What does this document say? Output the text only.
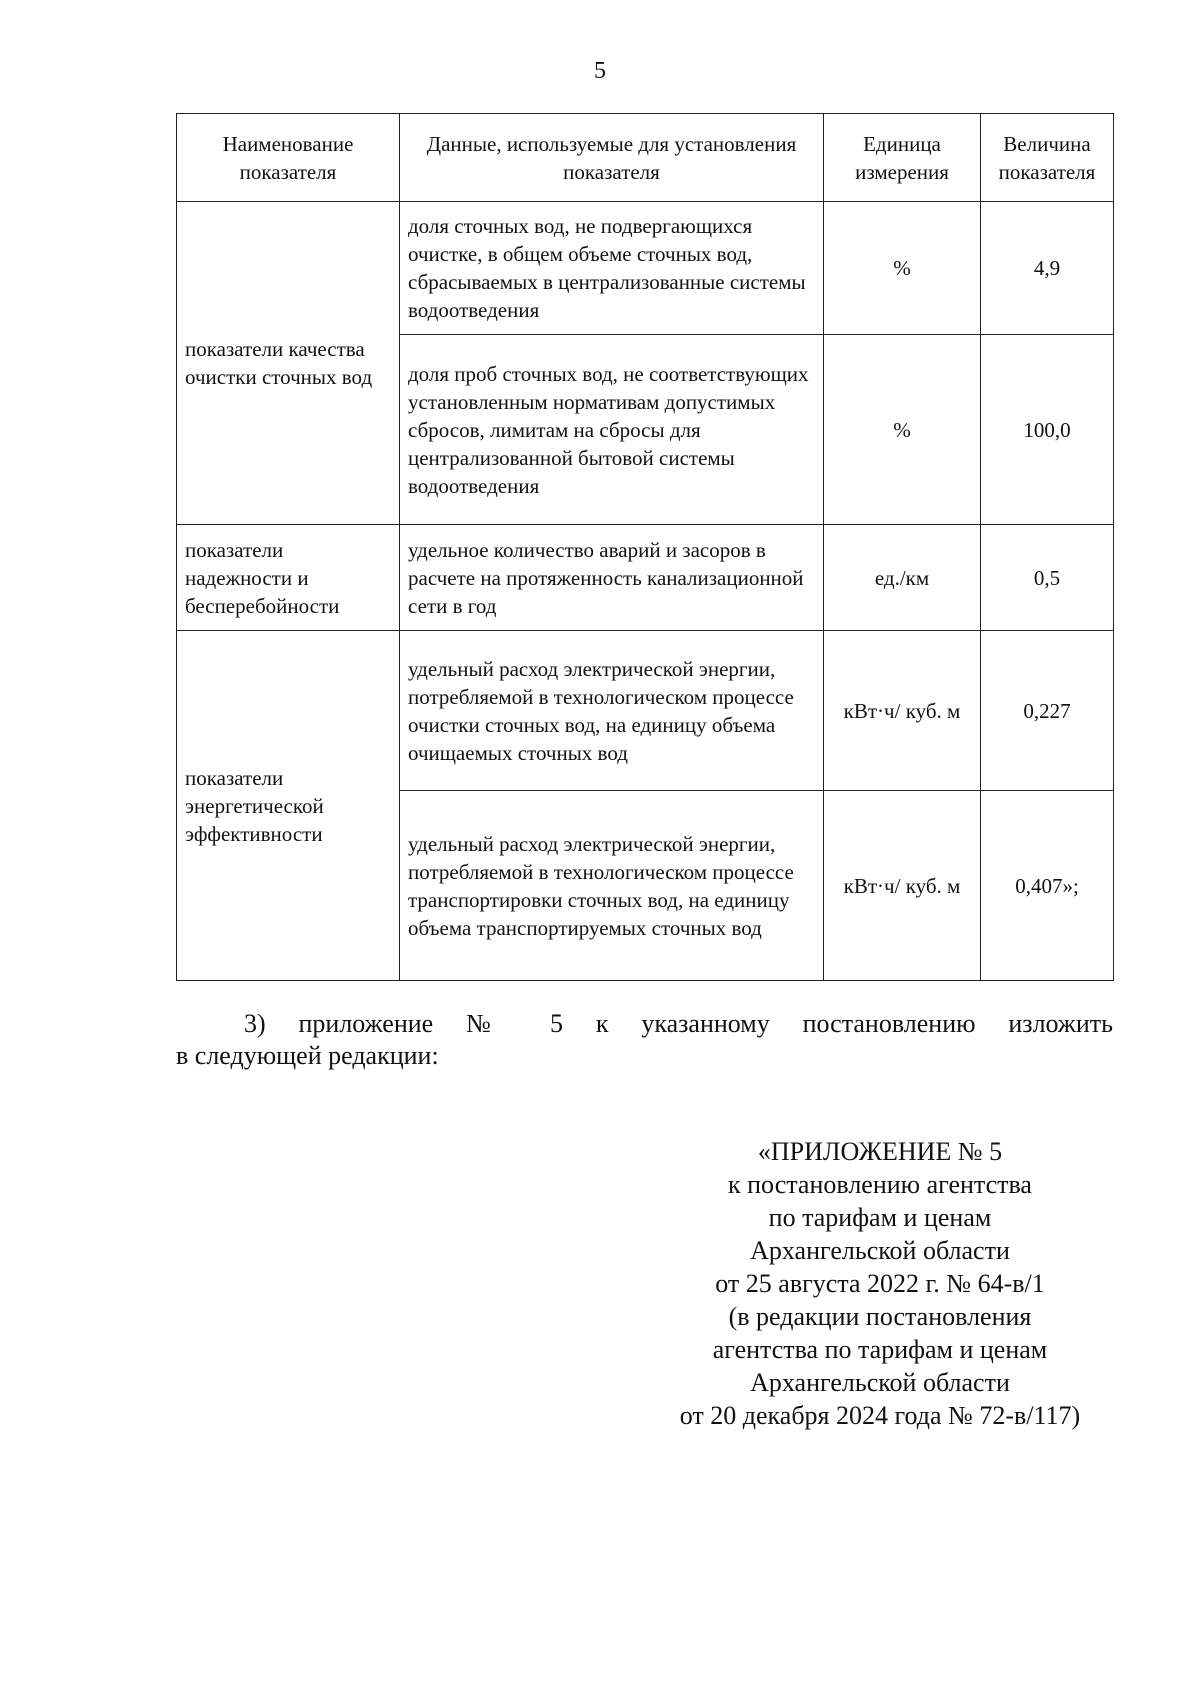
5
Наименование показателя	Данные, используемые для установления показателя	Единица измерения	Величина показателя
показатели качества очистки сточных вод	доля сточных вод, не подвергающихся очистке, в общем объеме сточных вод, сбрасываемых в централизованные системы водоотведения	%	4,9
	доля проб сточных вод, не соответствующих установленным нормативам допустимых сбросов, лимитам на сбросы для централизованной бытовой системы водоотведения	%	100,0
показатели надежности и бесперебойности	удельное количество аварий и засоров в расчете на протяженность канализационной сети в год	ед./км	0,5
показатели энергетической эффективности	удельный расход электрической энергии, потребляемой в технологическом процессе очистки сточных вод, на единицу объема очищаемых сточных вод	кВт·ч/ куб. м	0,227
	удельный расход электрической энергии, потребляемой в технологическом процессе транспортировки сточных вод, на единицу объема транспортируемых сточных вод	кВт·ч/ куб. м	0,407»;
3) приложение № 5 к указанному постановлению изложить
в следующей редакции:
«ПРИЛОЖЕНИЕ № 5
к постановлению агентства
по тарифам и ценам
Архангельской области
от 25 августа 2022 г. № 64-в/1
(в редакции постановления
агентства по тарифам и ценам
Архангельской области
от 20 декабря 2024 года № 72-в/117)
